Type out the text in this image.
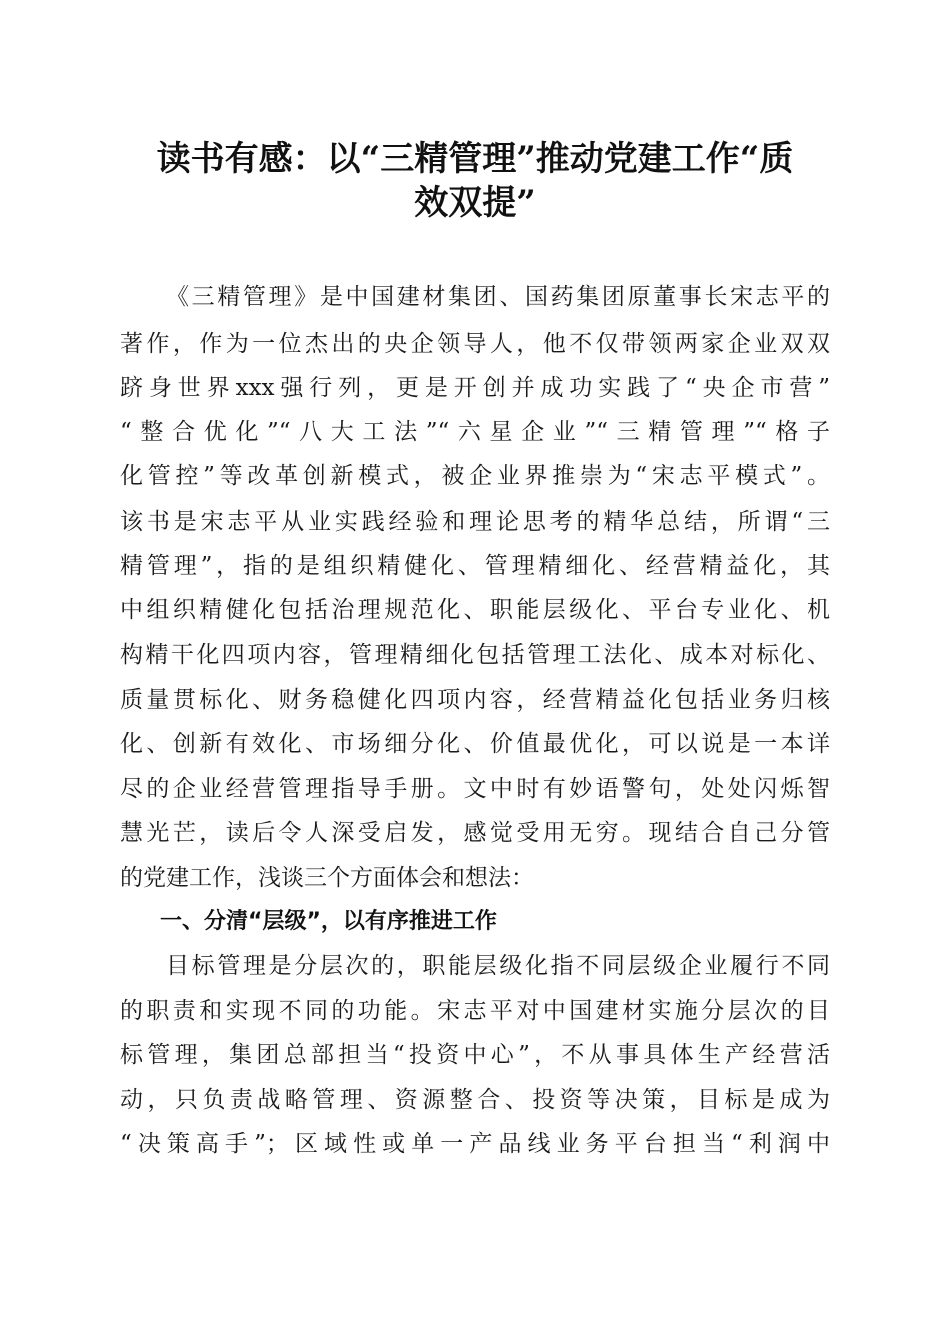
读书有感：以“三精管理”推动党建工作“质
效双提”
《三精管理》是中国建材集团、国药集团原董事长宋志平的
著作，作为一位杰出的央企领导人，他不仅带领两家企业双双
跻身世界xxx强行列，更是开创并成功实践了“央企市营”
“整合优化”“八大工法”“六星企业”“三精管理”“格子
化管控”等改革创新模式，被企业界推崇为“宋志平模式”。
该书是宋志平从业实践经验和理论思考的精华总结，所谓“三
精管理”，指的是组织精健化、管理精细化、经营精益化，其
中组织精健化包括治理规范化、职能层级化、平台专业化、机
构精干化四项内容，管理精细化包括管理工法化、成本对标化、
质量贯标化、财务稳健化四项内容，经营精益化包括业务归核
化、创新有效化、市场细分化、价值最优化，可以说是一本详
尽的企业经营管理指导手册。文中时有妙语警句，处处闪烁智
慧光芒，读后令人深受启发，感觉受用无穷。现结合自己分管
的党建工作，浅谈三个方面体会和想法：
一、分清“层级”，以有序推进工作
目标管理是分层次的，职能层级化指不同层级企业履行不同
的职责和实现不同的功能。宋志平对中国建材实施分层次的目
标管理，集团总部担当“投资中心”，不从事具体生产经营活
动，只负责战略管理、资源整合、投资等决策，目标是成为
“决策高手”；区域性或单一产品线业务平台担当“利润中
